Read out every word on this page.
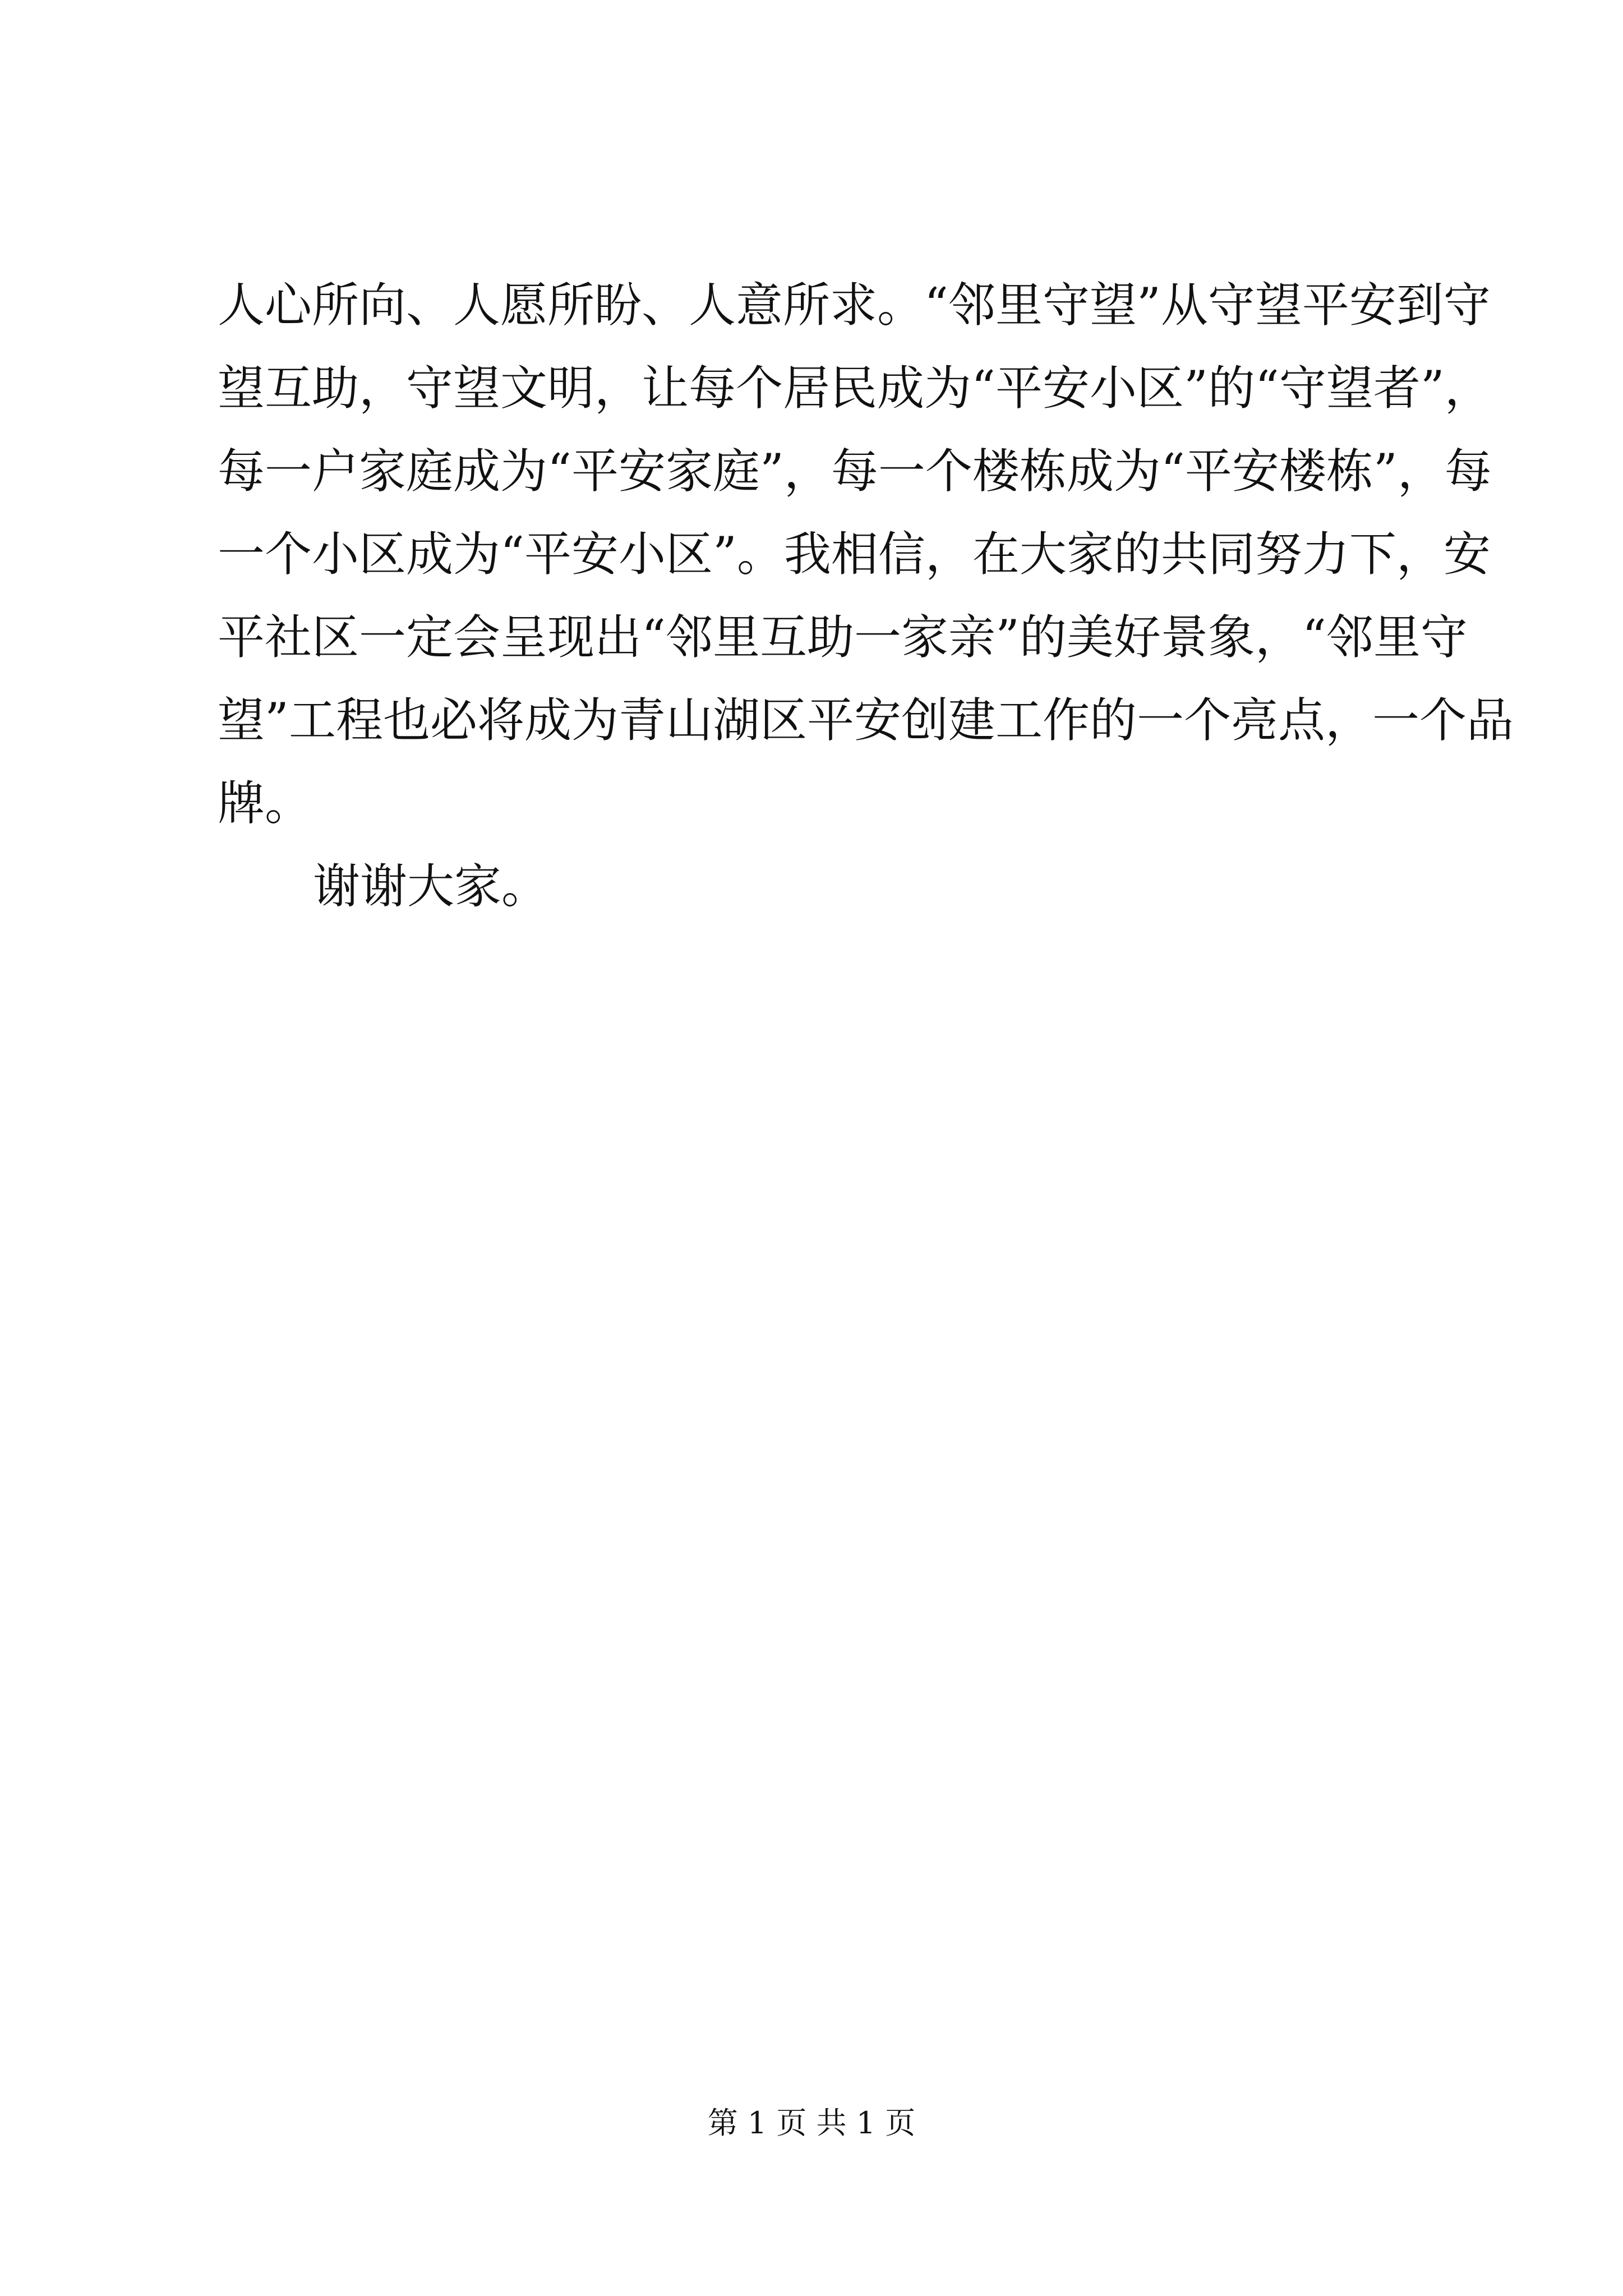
人心所向、人愿所盼、人意所求。“邻里守望”从守望平安到守
望互助，守望文明，让每个居民成为“平安小区”的“守望者”，
每一户家庭成为“平安家庭”，每一个楼栋成为“平安楼栋”，每
一个小区成为“平安小区”。我相信，在大家的共同努力下，安
平社区一定会呈现出“邻里互助一家亲”的美好景象，“邻里守
望”工程也必将成为青山湖区平安创建工作的一个亮点，一个品
牌。
谢谢大家。
第 1 页 共 1 页
